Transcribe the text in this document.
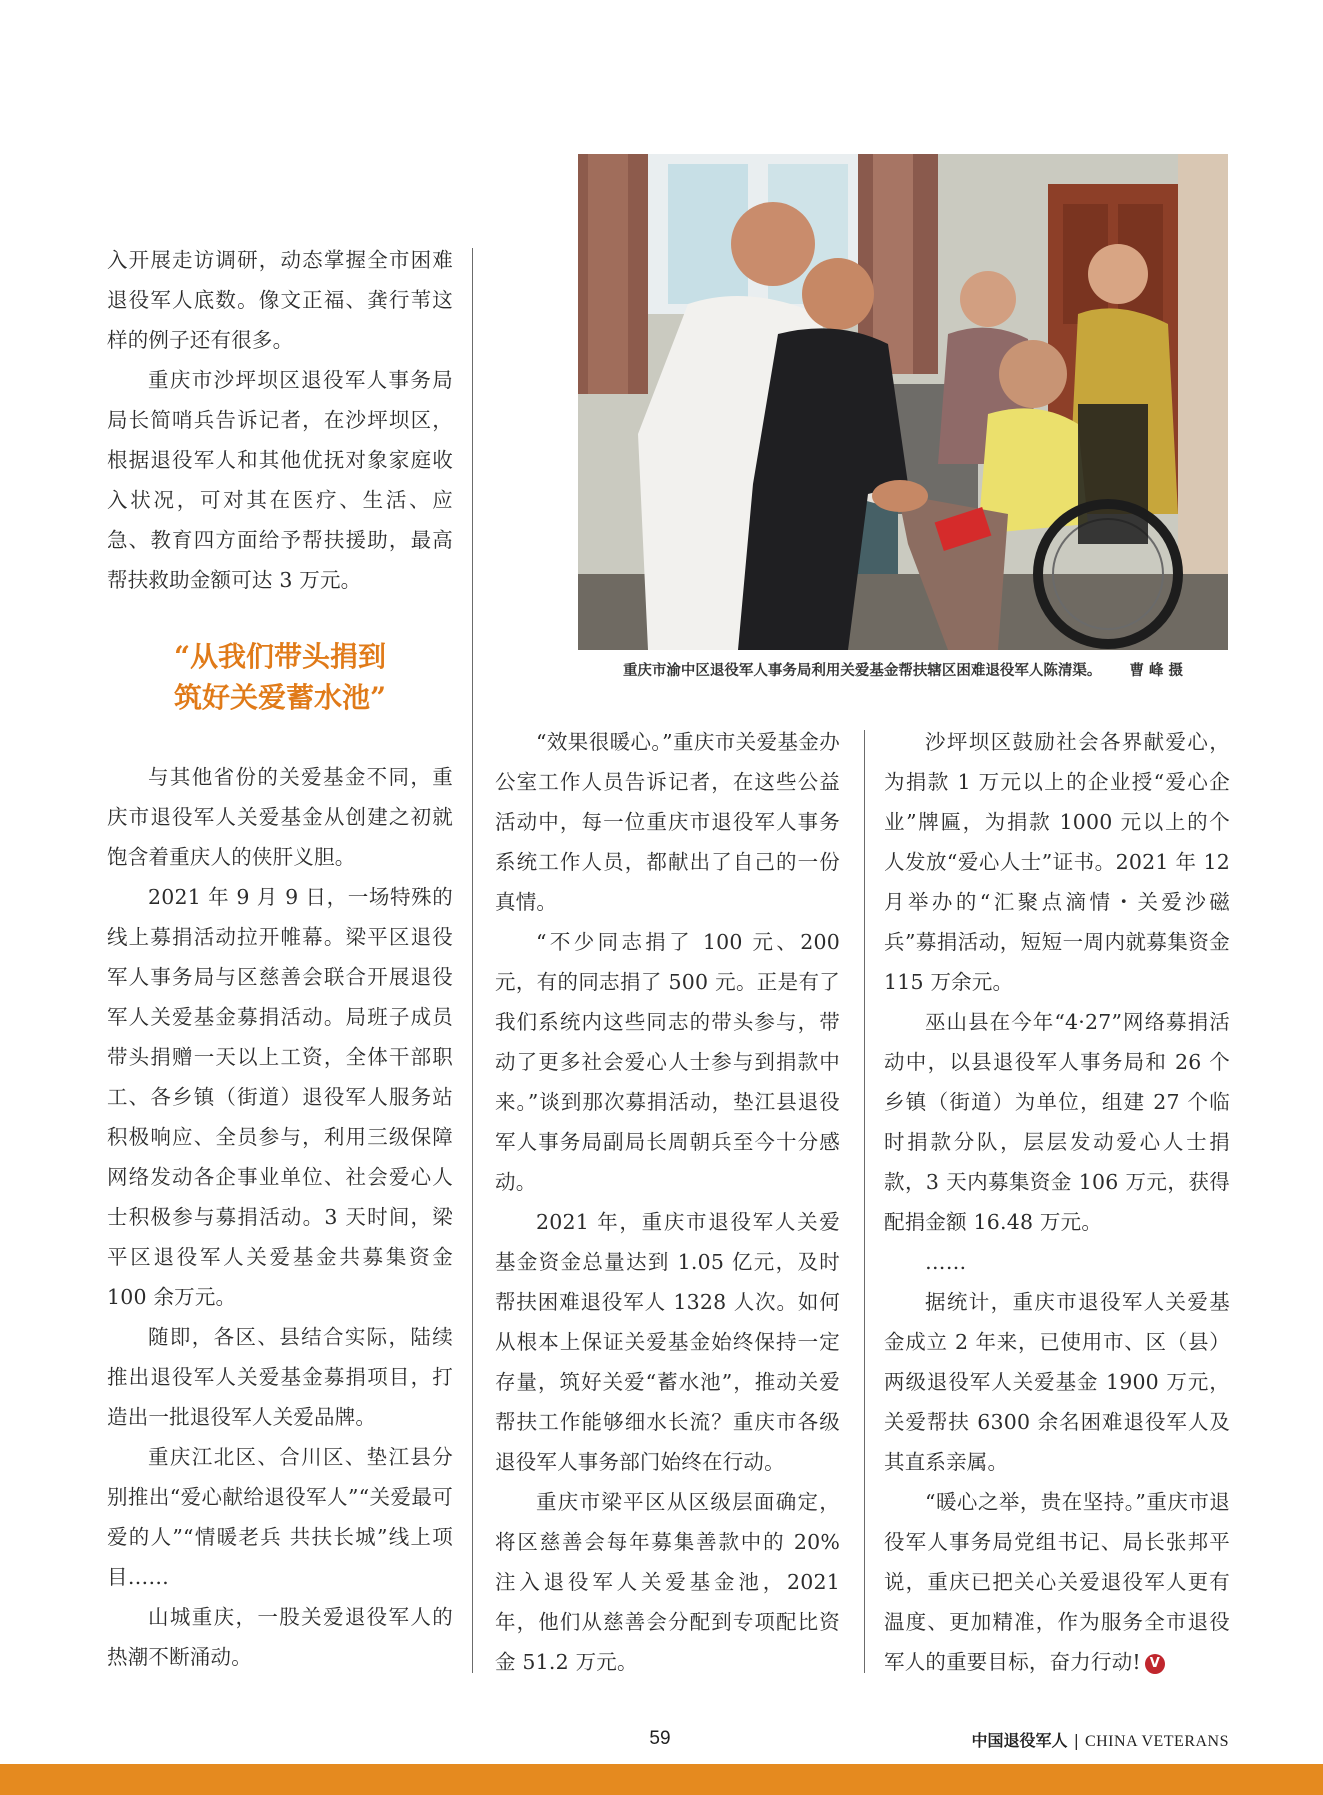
重庆市渝中区退役军人事务局利用关爱基金帮扶辖区困难退役军人陈清渠。 曹 峰 摄

入开展走访调研，动态掌握全市困难退役军人底数。像文正福、龚行苇这样的例子还有很多。

重庆市沙坪坝区退役军人事务局局长简哨兵告诉记者，在沙坪坝区，根据退役军人和其他优抚对象家庭收入状况，可对其在医疗、生活、应急、教育四方面给予帮扶援助，最高帮扶救助金额可达 3 万元。

“从我们带头捐到
筑好关爱蓄水池”

与其他省份的关爱基金不同，重庆市退役军人关爱基金从创建之初就饱含着重庆人的侠肝义胆。

2021 年 9 月 9 日，一场特殊的线上募捐活动拉开帷幕。梁平区退役军人事务局与区慈善会联合开展退役军人关爱基金募捐活动。局班子成员带头捐赠一天以上工资，全体干部职工、各乡镇（街道）退役军人服务站积极响应、全员参与，利用三级保障网络发动各企事业单位、社会爱心人士积极参与募捐活动。3 天时间，梁平区退役军人关爱基金共募集资金 100 余万元。

随即，各区、县结合实际，陆续推出退役军人关爱基金募捐项目，打造出一批退役军人关爱品牌。

重庆江北区、合川区、垫江县分别推出“爱心献给退役军人”“关爱最可爱的人”“情暖老兵 共扶长城”线上项目……

山城重庆，一股关爱退役军人的热潮不断涌动。

“效果很暖心。”重庆市关爱基金办公室工作人员告诉记者，在这些公益活动中，每一位重庆市退役军人事务系统工作人员，都献出了自己的一份真情。

“不少同志捐了 100 元、200 元，有的同志捐了 500 元。正是有了我们系统内这些同志的带头参与，带动了更多社会爱心人士参与到捐款中来。”谈到那次募捐活动，垫江县退役军人事务局副局长周朝兵至今十分感动。

2021 年，重庆市退役军人关爱基金资金总量达到 1.05 亿元，及时帮扶困难退役军人 1328 人次。如何从根本上保证关爱基金始终保持一定存量，筑好关爱“蓄水池”，推动关爱帮扶工作能够细水长流？重庆市各级退役军人事务部门始终在行动。

重庆市梁平区从区级层面确定，将区慈善会每年募集善款中的 20% 注入退役军人关爱基金池，2021 年，他们从慈善会分配到专项配比资金 51.2 万元。

沙坪坝区鼓励社会各界献爱心，为捐款 1 万元以上的企业授“爱心企业”牌匾，为捐款 1000 元以上的个人发放“爱心人士”证书。2021 年 12 月举办的“汇聚点滴情・关爱沙磁兵”募捐活动，短短一周内就募集资金 115 万余元。

巫山县在今年“4·27”网络募捐活动中，以县退役军人事务局和 26 个乡镇（街道）为单位，组建 27 个临时捐款分队，层层发动爱心人士捐款，3 天内募集资金 106 万元，获得配捐金额 16.48 万元。

……

据统计，重庆市退役军人关爱基金成立 2 年来，已使用市、区（县）两级退役军人关爱基金 1900 万元，关爱帮扶 6300 余名困难退役军人及其直系亲属。

“暖心之举，贵在坚持。”重庆市退役军人事务局党组书记、局长张邦平说，重庆已把关心关爱退役军人更有温度、更加精准，作为服务全市退役军人的重要目标，奋力行动! V

59	中国退役军人 | CHINA VETERANS
